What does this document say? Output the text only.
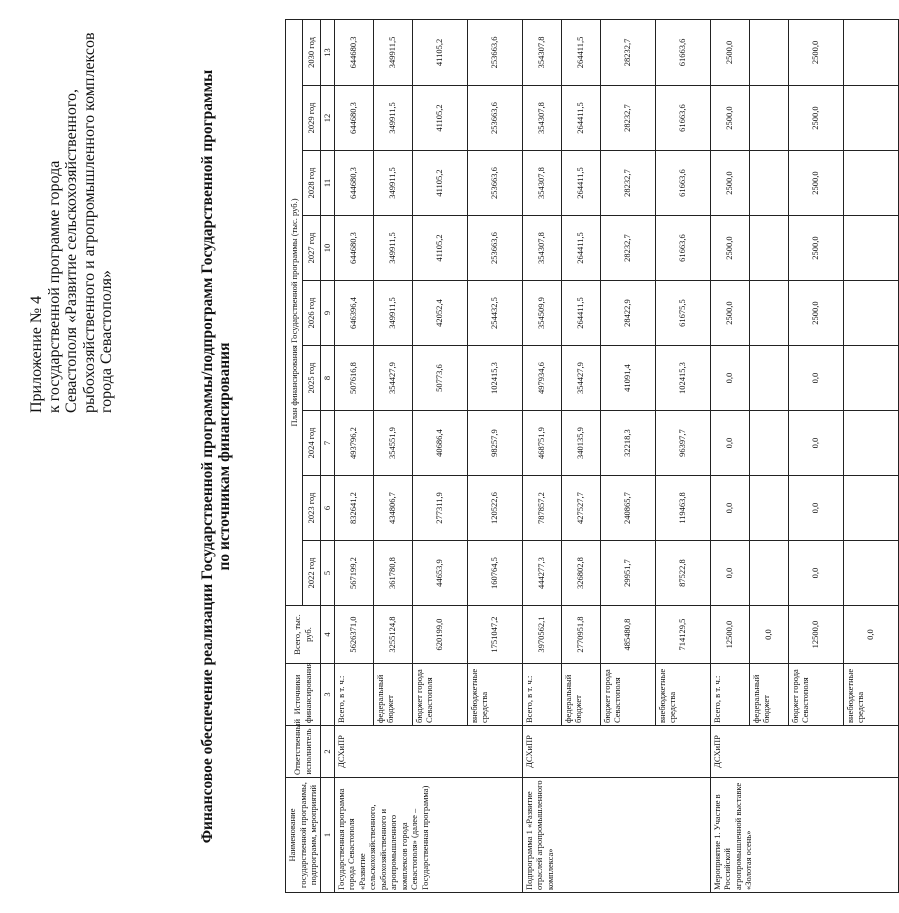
Приложение № 4 к государственной программе города Севастополя «Развитие сельскохозяйственного, рыбохозяйственного и агропромышленного комплексов города Севастополя»	Финансовое обеспечение реализации Государственной программы/подпрограмм Государственной программы по источникам финансирования
Наименование государственной программы, подпрограмм, мероприятий	Ответственный исполнитель	Источники финансирования	Всего, тыс. руб.	План финансирования Государственной программы (тыс. руб.)								
				2022 год	2023 год	2024 год	2025 год	2026 год	2027 год	2028 год	2029 год	2030 год
1	2	3	4	5	6	7	8	9	10	11	12	13
Государственная программа города Севастополя «Развитие сельскохозяйственного, рыбохозяйственного и агропромышленного комплексов города Севастополя» (далее – Государственная программа)	ДСХиПР	Всего, в т. ч.:	5626371,0	567199,2	832641,2	493796,2	507616,8	646396,4	644680,3	644680,3	644680,3	644680,3
		федеральный бюджет	3255124,8	361780,8	434806,7	354551,9	354427,9	349911,5	349911,5	349911,5	349911,5	349911,5
		бюджет города Севастополя	620199,0	44653,9	277311,9	40686,4	50773,6	42052,4	41105,2	41105,2	41105,2	41105,2
		внебюджетные средства	1751047,2	160764,5	120522,6	98257,9	102415,3	254432,5	253663,6	253663,6	253663,6	253663,6
Подпрограмма 1 «Развитие отраслей агропромышленного комплекса»	ДСХиПР	Всего, в т. ч.:	3970562,1	444277,3	787857,2	468751,9	497934,6	354509,9	354307,8	354307,8	354307,8	354307,8
		федеральный бюджет	2770951,8	326802,8	427527,7	340135,9	354427,9	264411,5	264411,5	264411,5	264411,5	264411,5
		бюджет города Севастополя	485480,8	29951,7	240865,7	32218,3	41091,4	28422,9	28232,7	28232,7	28232,7	28232,7
		внебюджетные средства	714129,5	87522,8	119463,8	96397,7	102415,3	61675,5	61663,6	61663,6	61663,6	61663,6
Мероприятие 1. Участие в Российской агропромышленной выставке «Золотая осень»	ДСХиПР	Всего, в т. ч.:	12500,0	0,0	0,0	0,0	0,0	2500,0	2500,0	2500,0	2500,0	2500,0
		федеральный бюджет	0,0									
		бюджет города Севастополя	12500,0	0,0	0,0	0,0	0,0	2500,0	2500,0	2500,0	2500,0	2500,0
		внебюджетные средства	0,0									
